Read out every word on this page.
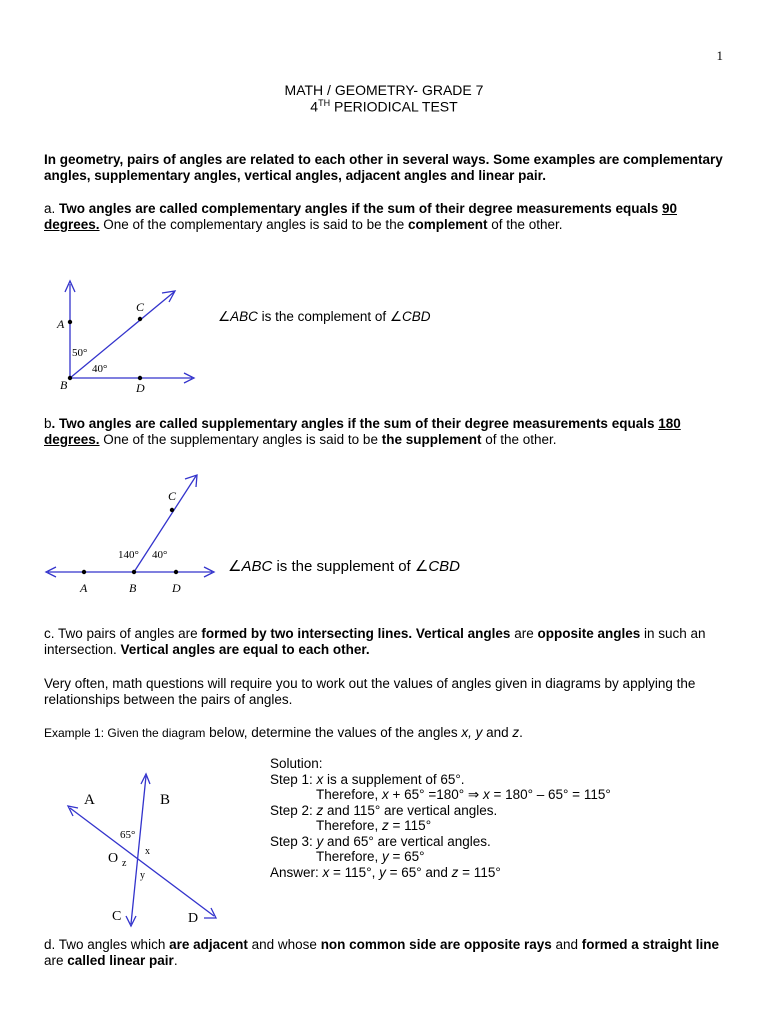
1
MATH / GEOMETRY- GRADE 7
4TH PERIODICAL TEST
In geometry, pairs of angles are related to each other in several ways. Some examples are complementary angles, supplementary angles, vertical angles, adjacent angles and linear pair.
a. Two angles are called complementary angles if the sum of their degree measurements equals 90 degrees. One of the complementary angles is said to be the complement of the other.
A
B
C
D
50°
40°
∠ABC is the complement of ∠CBD
b. Two angles are called supplementary angles if the sum of their degree measurements equals 180 degrees. One of the supplementary angles is said to be the supplement of the other.
A	B
C
D
140° 40°
∠ABC is the supplement of ∠CBD
c. Two pairs of angles are formed by two intersecting lines. Vertical angles are opposite angles in such an intersection. Vertical angles are equal to each other.
Very often, math questions will require you to work out the values of angles given in diagrams by applying the relationships between the pairs of angles.
Example 1: Given the diagram below, determine the values of the angles x, y and z.
A	B
C	D
O
65°
z
x
y
Solution:
Step 1: x is a supplement of 65°.
Therefore, x + 65° =180° ⇒ x = 180° – 65° = 115°
Step 2: z and 115° are vertical angles.
Therefore, z = 115°
Step 3: y and 65° are vertical angles.
Therefore, y = 65°
Answer: x = 115°, y = 65° and z = 115°
d. Two angles which are adjacent and whose non common side are opposite rays and formed a straight line are called linear pair.
